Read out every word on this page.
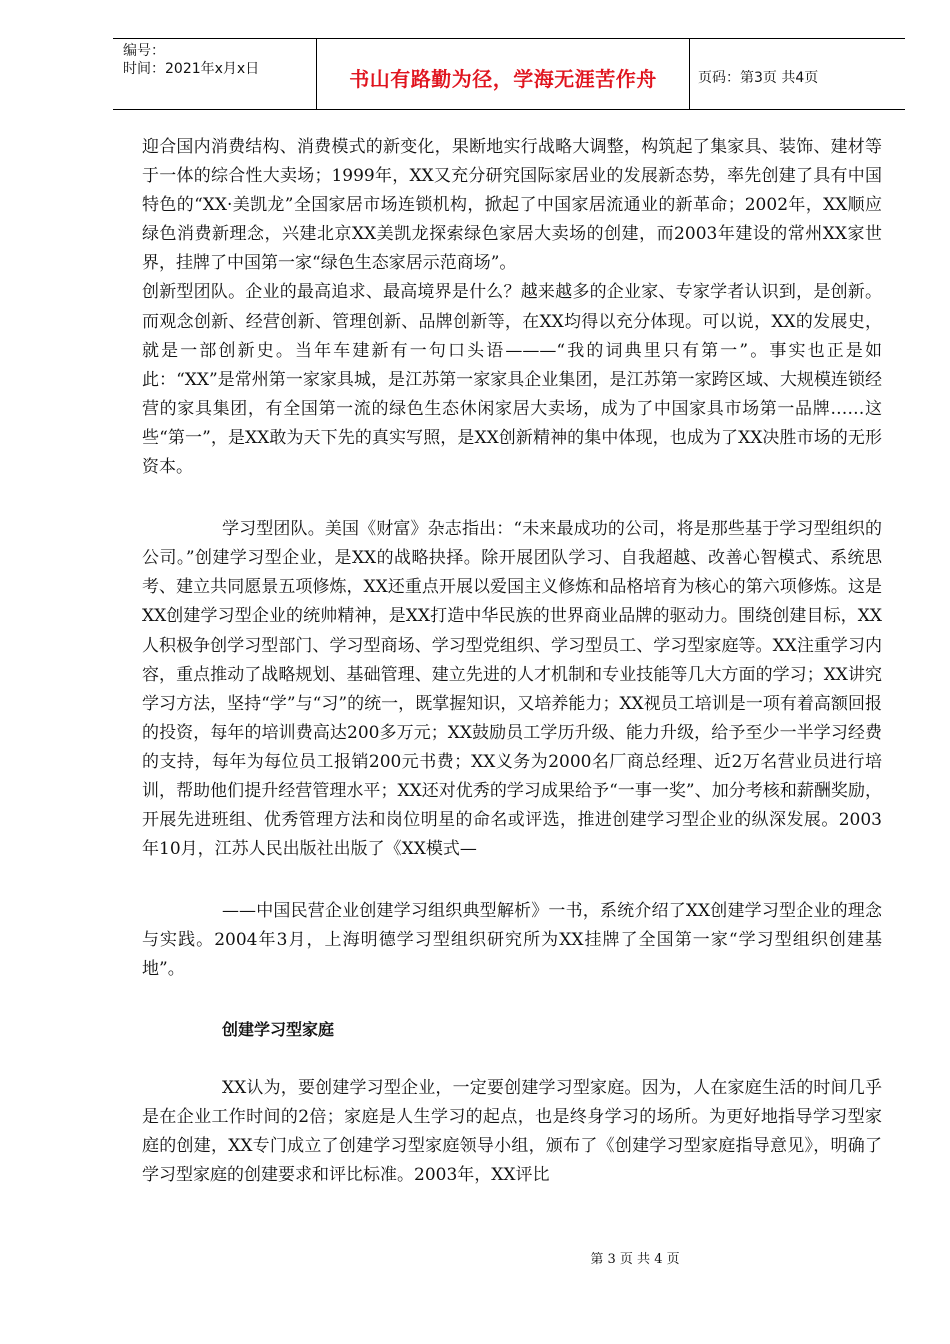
编号：
时间：2021年x月x日	书山有路勤为径，学海无涯苦作舟	页码：第3页 共4页

迎合国内消费结构、消费模式的新变化，果断地实行战略大调整，构筑起了集家具、装饰、建材等于一体的综合性大卖场；1999年，XX又充分研究国际家居业的发展新态势，率先创建了具有中国特色的“XX·美凯龙”全国家居市场连锁机构，掀起了中国家居流通业的新革命；2002年，XX顺应绿色消费新理念，兴建北京XX美凯龙探索绿色家居大卖场的创建，而2003年建设的常州XX家世界，挂牌了中国第一家“绿色生态家居示范商场”。

创新型团队。企业的最高追求、最高境界是什么？越来越多的企业家、专家学者认识到，是创新。而观念创新、经营创新、管理创新、品牌创新等，在XX均得以充分体现。可以说，XX的发展史，就是一部创新史。当年车建新有一句口头语———“我的词典里只有第一”。事实也正是如此：“XX”是常州第一家家具城，是江苏第一家家具企业集团，是江苏第一家跨区域、大规模连锁经营的家具集团，有全国第一流的绿色生态休闲家居大卖场，成为了中国家具市场第一品牌……这些“第一”，是XX敢为天下先的真实写照，是XX创新精神的集中体现，也成为了XX决胜市场的无形资本。

学习型团队。美国《财富》杂志指出：“未来最成功的公司，将是那些基于学习型组织的公司。”创建学习型企业，是XX的战略抉择。除开展团队学习、自我超越、改善心智模式、系统思考、建立共同愿景五项修炼，XX还重点开展以爱国主义修炼和品格培育为核心的第六项修炼。这是XX创建学习型企业的统帅精神，是XX打造中华民族的世界商业品牌的驱动力。围绕创建目标，XX人积极争创学习型部门、学习型商场、学习型党组织、学习型员工、学习型家庭等。XX注重学习内容，重点推动了战略规划、基础管理、建立先进的人才机制和专业技能等几大方面的学习；XX讲究学习方法，坚持“学”与“习”的统一，既掌握知识，又培养能力；XX视员工培训是一项有着高额回报的投资，每年的培训费高达200多万元；XX鼓励员工学历升级、能力升级，给予至少一半学习经费的支持，每年为每位员工报销200元书费；XX义务为2000名厂商总经理、近2万名营业员进行培训，帮助他们提升经营管理水平；XX还对优秀的学习成果给予“一事一奖”、加分考核和薪酬奖励，开展先进班组、优秀管理方法和岗位明星的命名或评选，推进创建学习型企业的纵深发展。2003年10月，江苏人民出版社出版了《XX模式—

——中国民营企业创建学习组织典型解析》一书，系统介绍了XX创建学习型企业的理念与实践。2004年3月，上海明德学习型组织研究所为XX挂牌了全国第一家“学习型组织创建基地”。

创建学习型家庭

XX认为，要创建学习型企业，一定要创建学习型家庭。因为，人在家庭生活的时间几乎是在企业工作时间的2倍；家庭是人生学习的起点，也是终身学习的场所。为更好地指导学习型家庭的创建，XX专门成立了创建学习型家庭领导小组，颁布了《创建学习型家庭指导意见》，明确了学习型家庭的创建要求和评比标准。2003年，XX评比

第 3 页 共 4 页
